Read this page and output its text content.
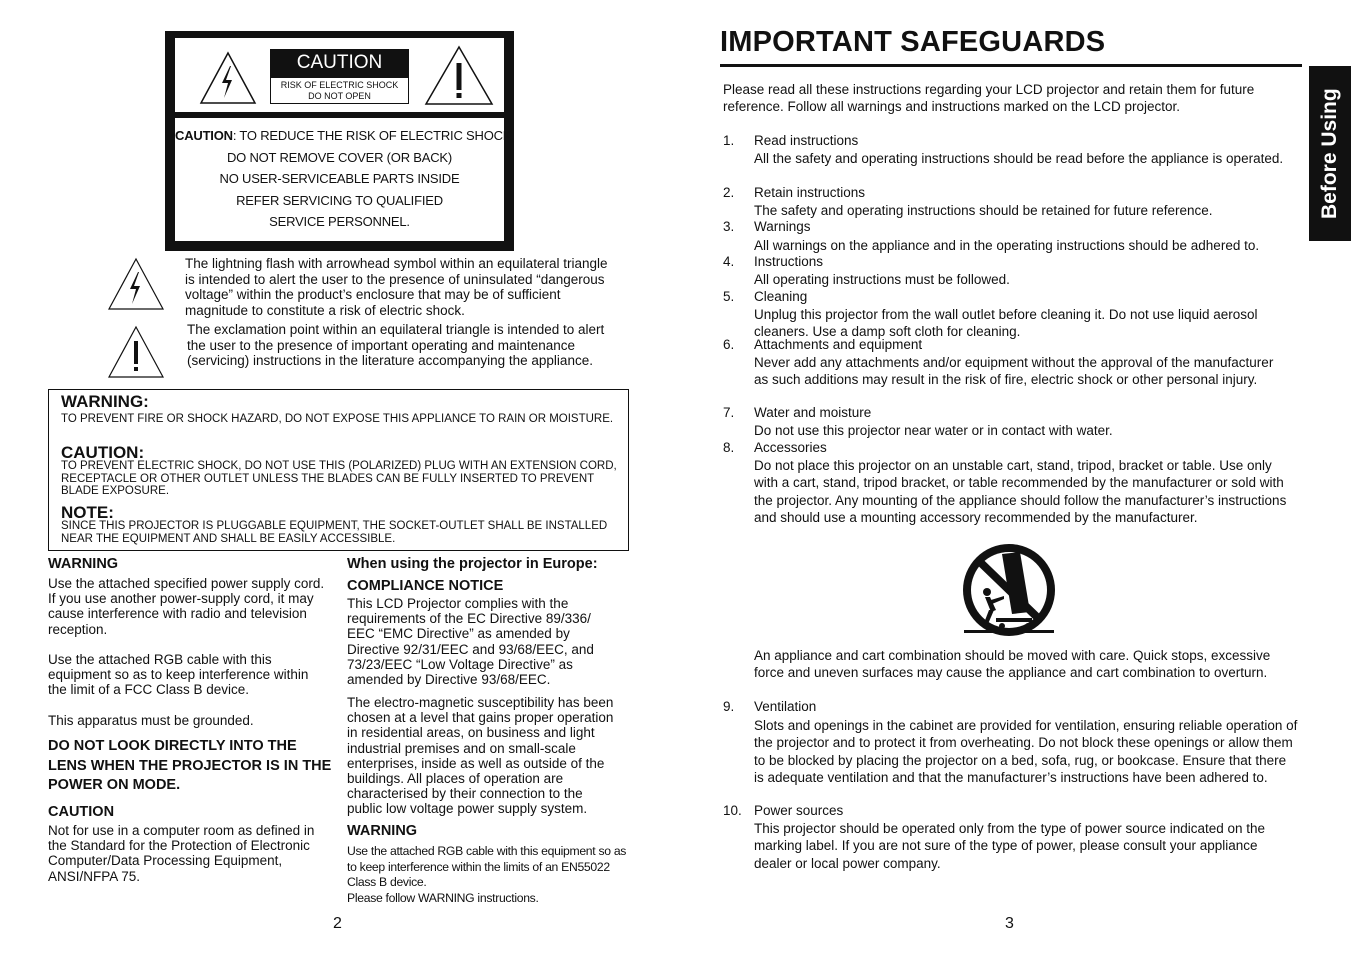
CAUTION
RISK OF ELECTRIC SHOCK
DO NOT OPEN
CAUTION: TO REDUCE THE RISK OF ELECTRIC SHOCK,
DO NOT REMOVE COVER (OR BACK)
NO USER-SERVICEABLE PARTS INSIDE
REFER SERVICING TO QUALIFIED
SERVICE PERSONNEL.
The lightning flash with arrowhead symbol within an equilateral triangle is intended to alert the user to the presence of uninsulated “dangerous voltage” within the product’s enclosure that may be of sufficient magnitude to constitute a risk of electric shock.
The exclamation point within an equilateral triangle is intended to alert the user to the presence of important operating and maintenance (servicing) instructions in the literature accompanying the appliance.
WARNING:
TO PREVENT FIRE OR SHOCK HAZARD, DO NOT EXPOSE THIS APPLIANCE TO RAIN OR MOISTURE.
CAUTION:
TO PREVENT ELECTRIC SHOCK, DO NOT USE THIS (POLARIZED) PLUG WITH AN EXTENSION CORD, RECEPTACLE OR OTHER OUTLET UNLESS THE BLADES CAN BE FULLY INSERTED TO PREVENT BLADE EXPOSURE.
NOTE:
SINCE THIS PROJECTOR IS PLUGGABLE EQUIPMENT, THE SOCKET-OUTLET SHALL BE INSTALLED NEAR THE EQUIPMENT AND SHALL BE EASILY ACCESSIBLE.
WARNING
Use the attached specified power supply cord. If you use another power-supply cord, it may cause interference with radio and television reception.
Use the attached RGB cable with this equipment so as to keep interference within the limit of a FCC Class B device.
This apparatus must be grounded.
DO NOT LOOK DIRECTLY INTO THE LENS WHEN THE PROJECTOR IS IN THE POWER ON MODE.
CAUTION
Not for use in a computer room as defined in the Standard for the Protection of Electronic Computer/Data Processing Equipment, ANSI/NFPA 75.
When using the projector in Europe:
COMPLIANCE NOTICE
This LCD Projector complies with the requirements of the EC Directive 89/336/ EEC “EMC Directive” as amended by Directive 92/31/EEC and 93/68/EEC, and 73/23/EEC “Low Voltage Directive” as amended by Directive 93/68/EEC.
The electro-magnetic susceptibility has been chosen at a level that gains proper operation in residential areas, on business and light industrial premises and on small-scale enterprises, inside as well as outside of the buildings. All places of operation are characterised by their connection to the public low voltage power supply system.
WARNING
Use the attached RGB cable with this equipment so as to keep interference within the limits of an EN55022 Class B device.
Please follow WARNING instructions.
2
IMPORTANT SAFEGUARDS
Before Using
Please read all these instructions regarding your LCD projector and retain them for future reference. Follow all warnings and instructions marked on the LCD projector.
1. Read instructions
All the safety and operating instructions should be read before the appliance is operated.
2. Retain instructions
The safety and operating instructions should be retained for future reference.
3. Warnings
All warnings on the appliance and in the operating instructions should be adhered to.
4. Instructions
All operating instructions must be followed.
5. Cleaning
Unplug this projector from the wall outlet before cleaning it. Do not use liquid aerosol cleaners. Use a damp soft cloth for cleaning.
6. Attachments and equipment
Never add any attachments and/or equipment without the approval of the manufacturer as such additions may result in the risk of fire, electric shock or other personal injury.
7. Water and moisture
Do not use this projector near water or in contact with water.
8. Accessories
Do not place this projector on an unstable cart, stand, tripod, bracket or table. Use only with a cart, stand, tripod bracket, or table recommended by the manufacturer or sold with the projector. Any mounting of the appliance should follow the manufacturer’s instructions and should use a mounting accessory recommended by the manufacturer.
An appliance and cart combination should be moved with care. Quick stops, excessive force and uneven surfaces may cause the appliance and cart combination to overturn.
9. Ventilation
Slots and openings in the cabinet are provided for ventilation, ensuring reliable operation of the projector and to protect it from overheating. Do not block these openings or allow them to be blocked by placing the projector on a bed, sofa, rug, or bookcase. Ensure that there is adequate ventilation and that the manufacturer’s instructions have been adhered to.
10. Power sources
This projector should be operated only from the type of power source indicated on the marking label. If you are not sure of the type of power, please consult your appliance dealer or local power company.
3
